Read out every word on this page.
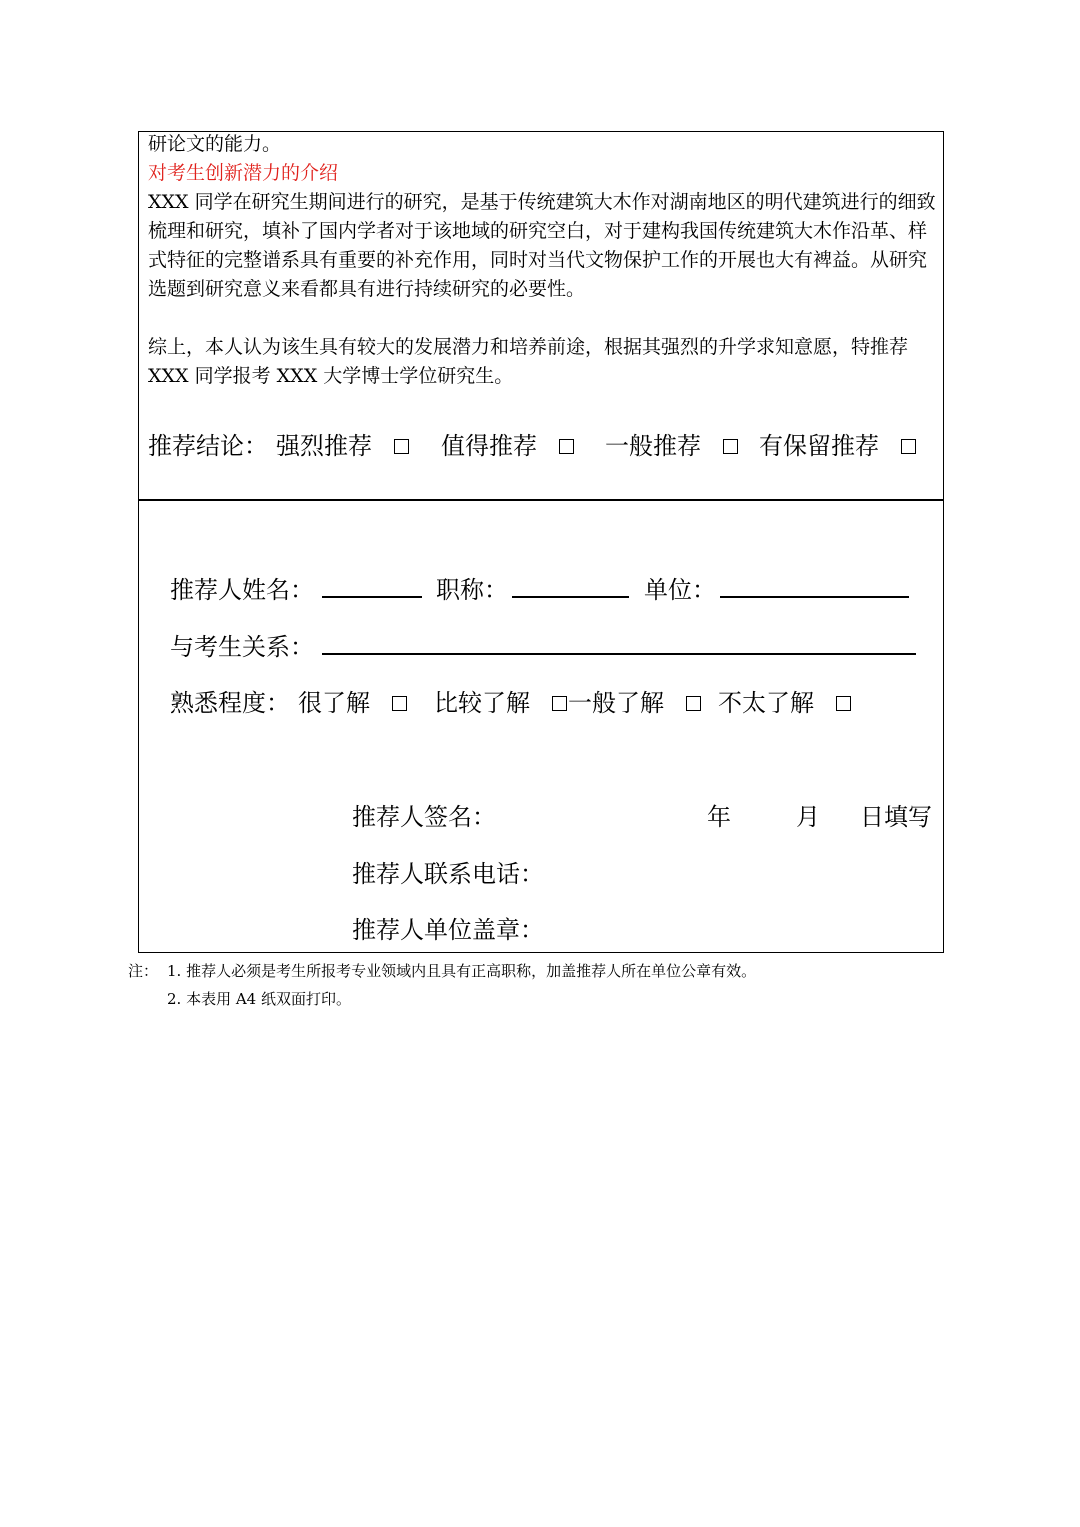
研论文的能力。
对考生创新潜力的介绍
XXX 同学在研究生期间进行的研究，是基于传统建筑大木作对湖南地区的明代建筑进行的细致梳理和研究，填补了国内学者对于该地域的研究空白，对于建构我国传统建筑大木作沿革、样式特征的完整谱系具有重要的补充作用，同时对当代文物保护工作的开展也大有裨益。从研究选题到研究意义来看都具有进行持续研究的必要性。
综上，本人认为该生具有较大的发展潜力和培养前途，根据其强烈的升学求知意愿，特推荐 XXX 同学报考 XXX 大学博士学位研究生。
推荐结论： 强烈推荐	值得推荐	一般推荐	有保留推荐
推荐人姓名：	职称：	单位：
与考生关系：
熟悉程度： 很了解	比较了解	一般了解	不太了解
推荐人签名：	年	月 日填写
推荐人联系电话：
推荐人单位盖章：
注： 1. 推荐人必须是考生所报考专业领域内且具有正高职称，加盖推荐人所在单位公章有效。
2. 本表用 A4 纸双面打印。
